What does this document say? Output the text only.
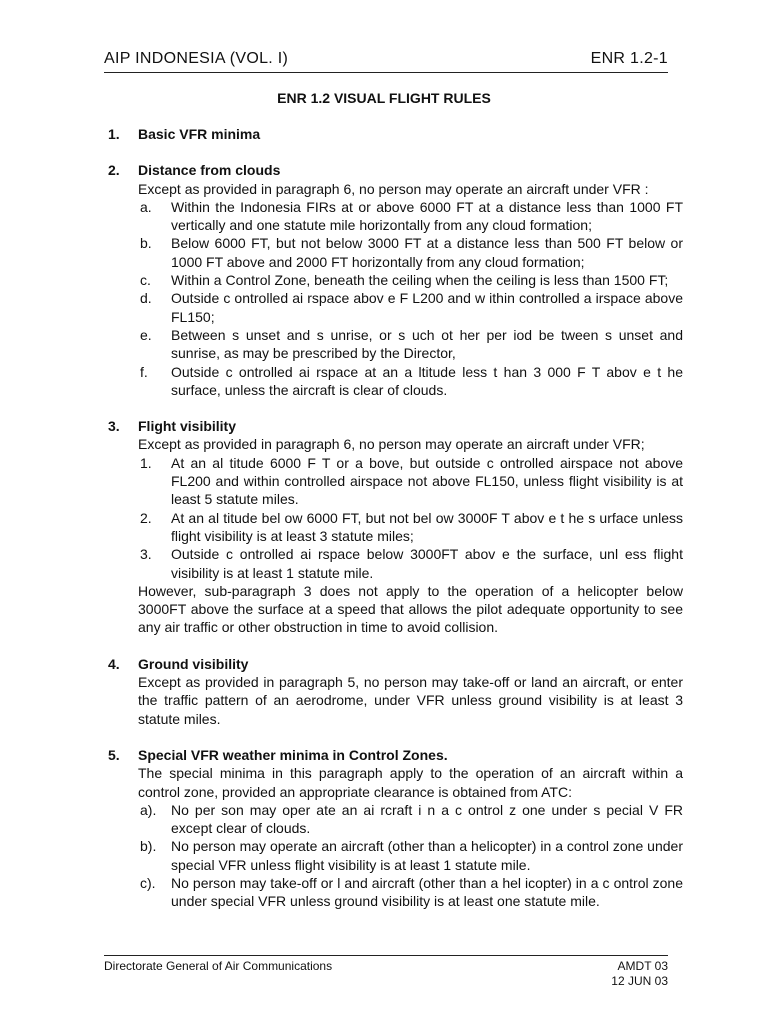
AIP INDONESIA (VOL. I)	ENR 1.2-1
ENR 1.2 VISUAL FLIGHT RULES
1. Basic VFR minima
2. Distance from clouds
Except as provided in paragraph 6, no person may operate an aircraft under VFR :
a. Within the Indonesia FIRs at or above 6000 FT at a distance less than 1000 FT vertically and one statute mile horizontally from any cloud formation;
b. Below 6000 FT, but not below 3000 FT at a distance less than 500 FT below or 1000 FT above and 2000 FT horizontally from any cloud formation;
c. Within a Control Zone, beneath the ceiling when the ceiling is less than 1500 FT;
d. Outside c ontrolled ai rspace abov e F L200 and w ithin controlled a irspace above FL150;
e. Between s unset and s unrise, or s uch ot her per iod be tween s unset and sunrise, as may be prescribed by the Director,
f. Outside c ontrolled ai rspace at an a ltitude less t han 3 000 F T abov e t he surface, unless the aircraft is clear of clouds.
3. Flight visibility
Except as provided in paragraph 6, no person may operate an aircraft under VFR;
1. At an al titude 6000 F T or a bove, but outside c ontrolled airspace not above FL200 and within controlled airspace not above FL150, unless flight visibility is at least 5 statute miles.
2. At an al titude bel ow 6000 FT, but not bel ow 3000F T abov e t he s urface unless flight visibility is at least 3 statute miles;
3. Outside c ontrolled ai rspace below 3000FT abov e the surface, unl ess flight visibility is at least 1 statute mile.
However, sub-paragraph 3 does not apply to the operation of a helicopter below 3000FT above the surface at a speed that allows the pilot adequate opportunity to see any air traffic or other obstruction in time to avoid collision.
4. Ground visibility
Except as provided in paragraph 5, no person may take-off or land an aircraft, or enter the traffic pattern of an aerodrome, under VFR unless ground visibility is at least 3 statute miles.
5. Special VFR weather minima in Control Zones.
The special minima in this paragraph apply to the operation of an aircraft within a control zone, provided an appropriate clearance is obtained from ATC:
a). No per son may oper ate an ai rcraft i n a c ontrol z one under s pecial V FR except clear of clouds.
b). No person may operate an aircraft (other than a helicopter) in a control zone under special VFR unless flight visibility is at least 1 statute mile.
c). No person may take-off or l and aircraft (other than a hel icopter) in a c ontrol zone under special VFR unless ground visibility is at least one statute mile.
Directorate General of Air Communications	AMDT 03
12 JUN 03
